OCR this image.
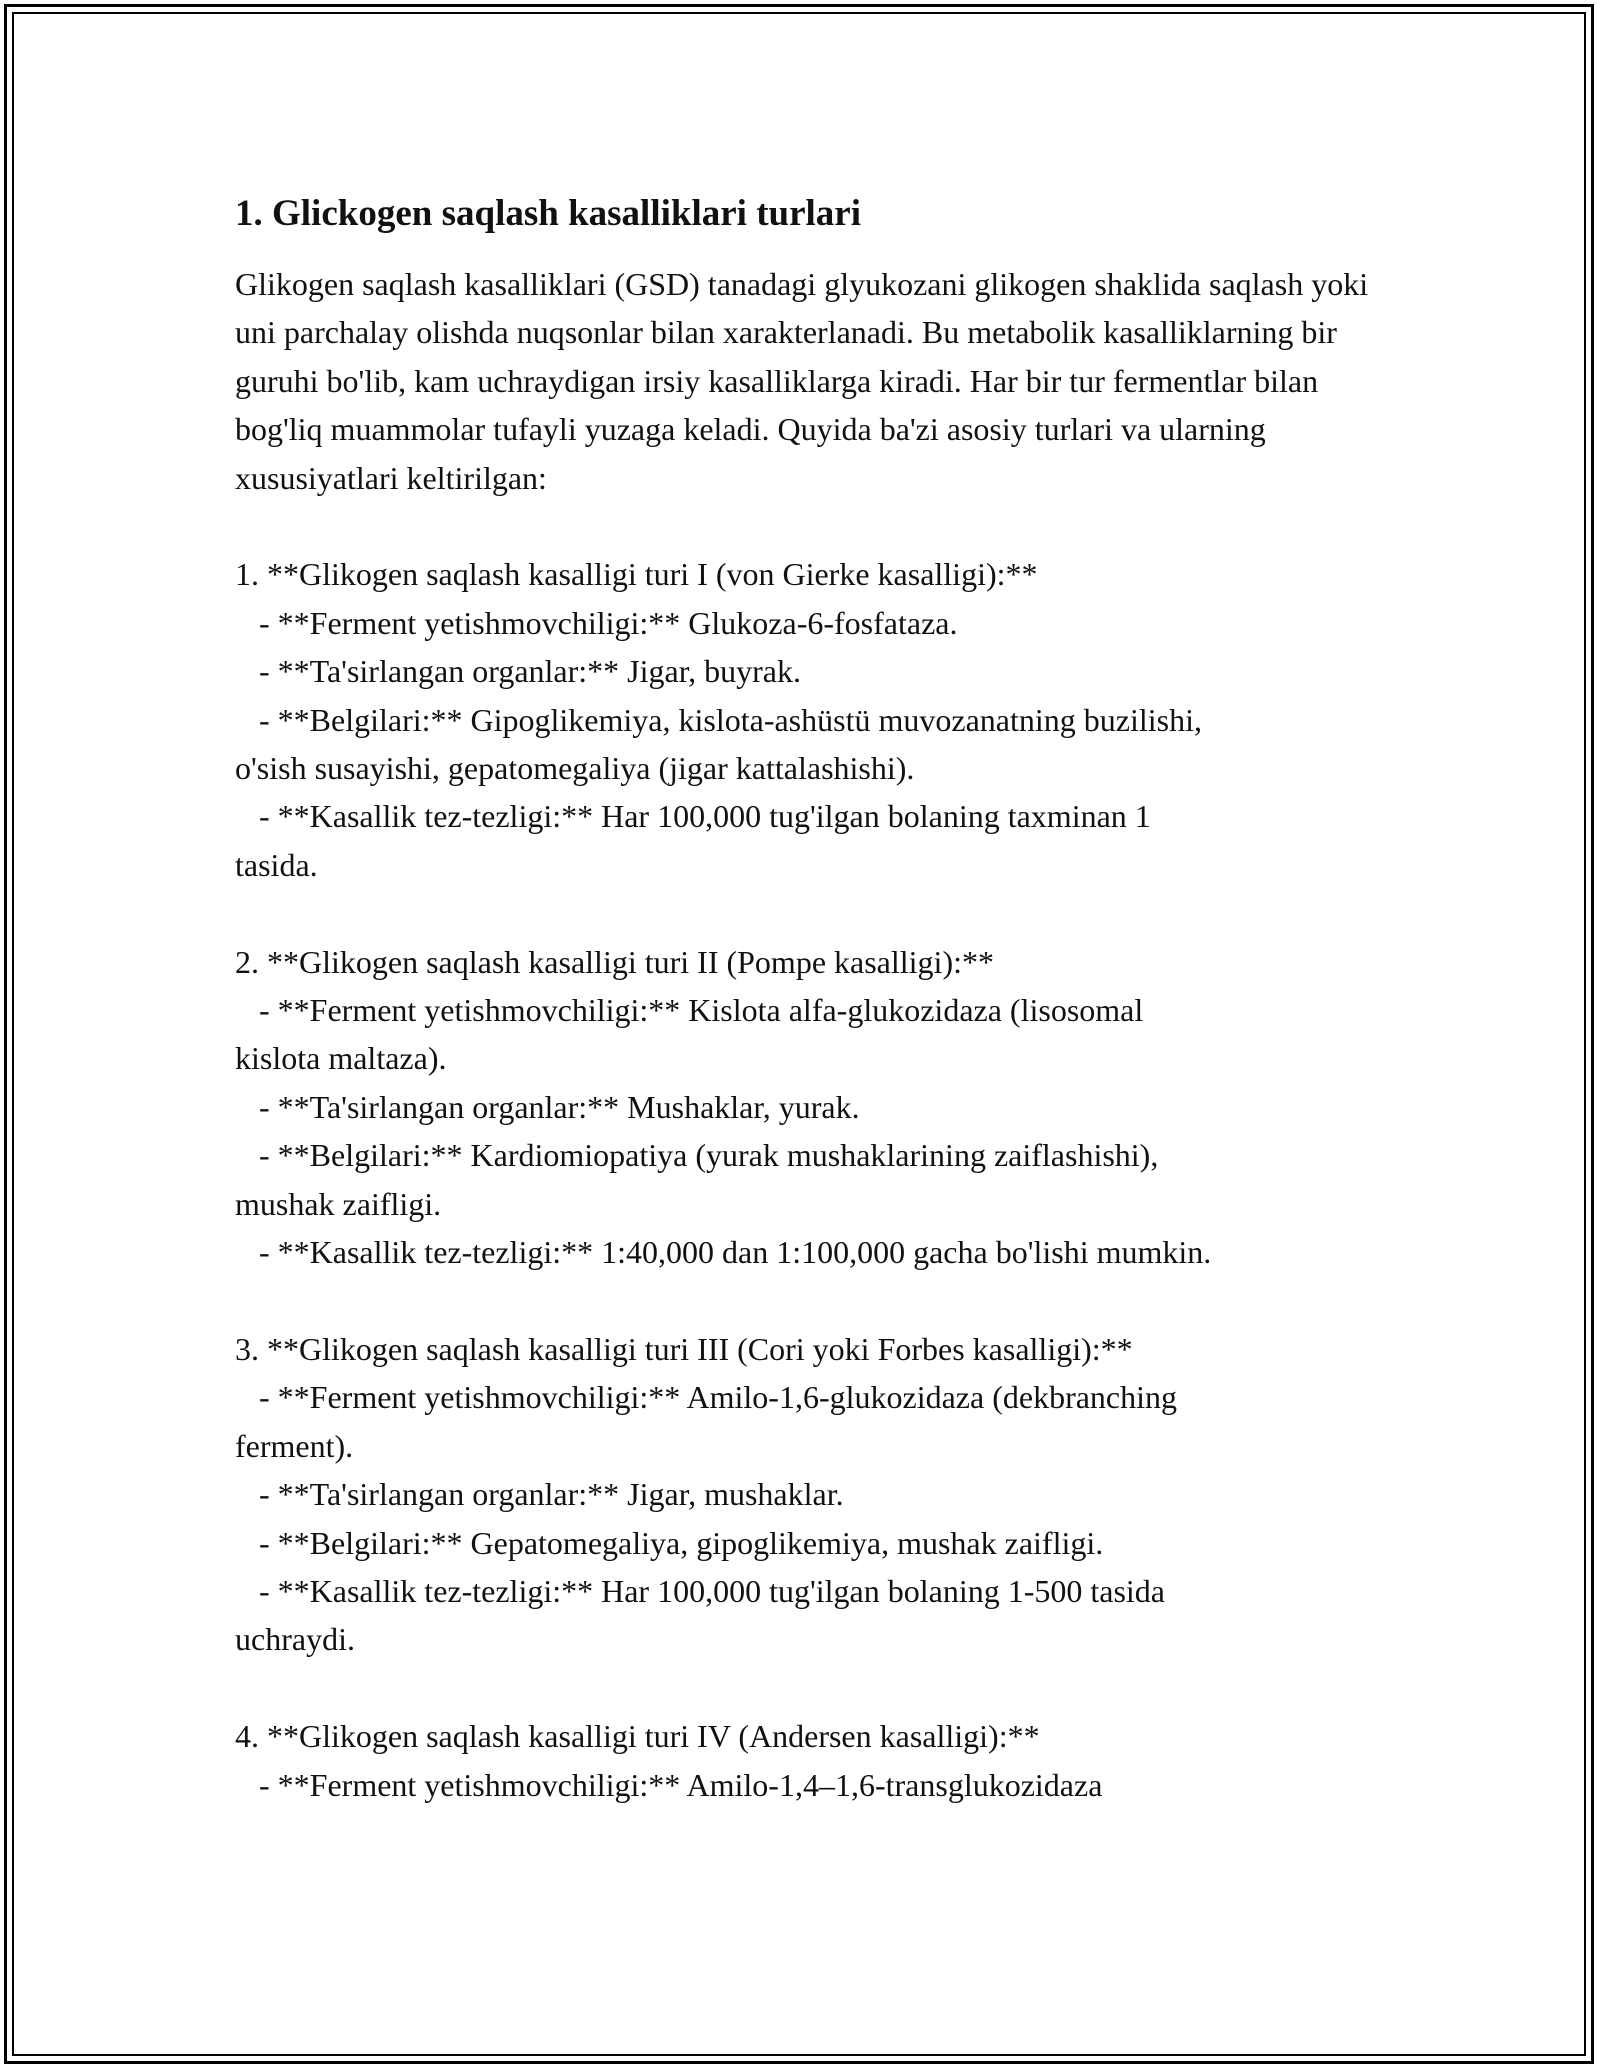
1. Glickogen saqlash kasalliklari turlari

Glikogen saqlash kasalliklari (GSD) tanadagi glyukozani glikogen shaklida saqlash yoki uni parchalay olishda nuqsonlar bilan xarakterlanadi. Bu metabolik kasalliklarning bir guruhi bo'lib, kam uchraydigan irsiy kasalliklarga kiradi. Har bir tur fermentlar bilan bog'liq muammolar tufayli yuzaga keladi. Quyida ba'zi asosiy turlari va ularning xususiyatlari keltirilgan:

1. **Glikogen saqlash kasalligi turi I (von Gierke kasalligi):**
- **Ferment yetishmovchiligi:** Glukoza-6-fosfataza.
- **Ta'sirlangan organlar:** Jigar, buyrak.
- **Belgilari:** Gipoglikemiya, kislota-ashüstü muvozanatning buzilishi,
o'sish susayishi, gepatomegaliya (jigar kattalashishi).
- **Kasallik tez-tezligi:** Har 100,000 tug'ilgan bolaning taxminan 1
tasida.
2. **Glikogen saqlash kasalligi turi II (Pompe kasalligi):**
- **Ferment yetishmovchiligi:** Kislota alfa-glukozidaza (lisosomal
kislota maltaza).
- **Ta'sirlangan organlar:** Mushaklar, yurak.
- **Belgilari:** Kardiomiopatiya (yurak mushaklarining zaiflashishi),
mushak zaifligi.
- **Kasallik tez-tezligi:** 1:40,000 dan 1:100,000 gacha bo'lishi mumkin.
3. **Glikogen saqlash kasalligi turi III (Cori yoki Forbes kasalligi):**
- **Ferment yetishmovchiligi:** Amilo-1,6-glukozidaza (dekbranching
ferment).
- **Ta'sirlangan organlar:** Jigar, mushaklar.
- **Belgilari:** Gepatomegaliya, gipoglikemiya, mushak zaifligi.
- **Kasallik tez-tezligi:** Har 100,000 tug'ilgan bolaning 1-500 tasida
uchraydi.
4. **Glikogen saqlash kasalligi turi IV (Andersen kasalligi):**
- **Ferment yetishmovchiligi:** Amilo-1,4–1,6-transglukozidaza
